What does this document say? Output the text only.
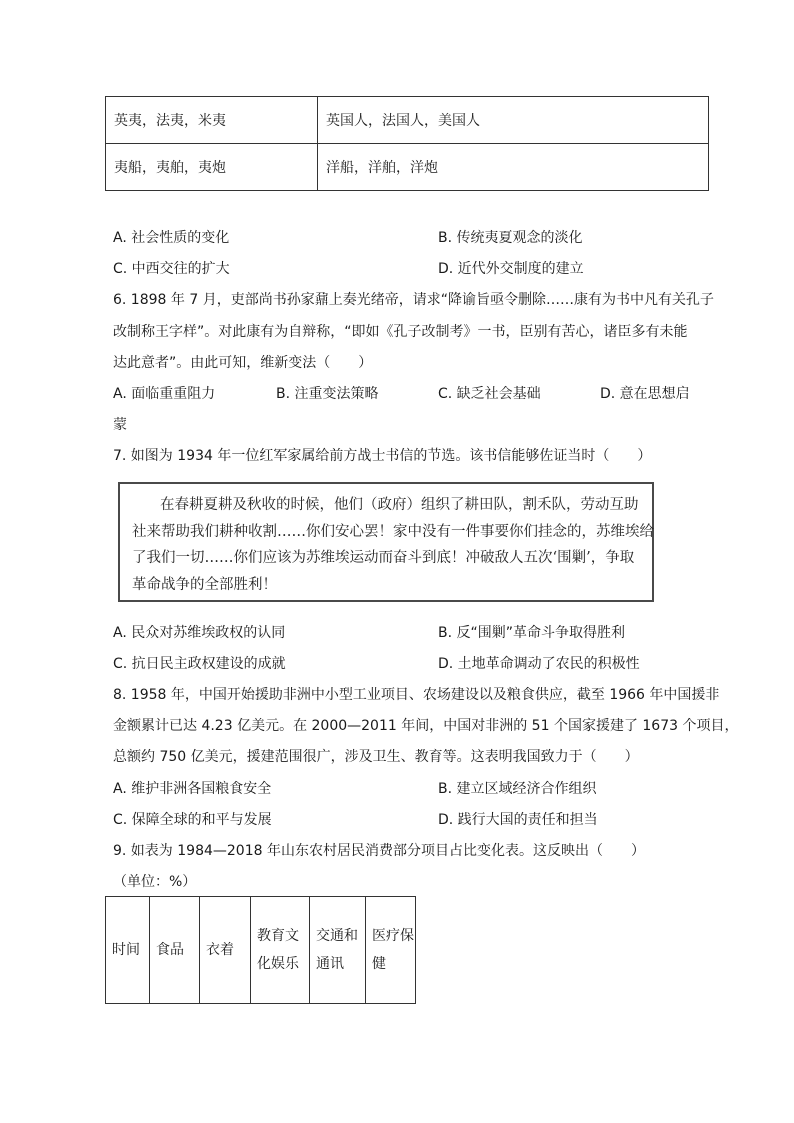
英夷，法夷，米夷	英国人，法国人，美国人
夷船，夷舶，夷炮	洋船，洋舶，洋炮
A. 社会性质的变化	B. 传统夷夏观念的淡化
C. 中西交往的扩大	D. 近代外交制度的建立
6. 1898 年 7 月，吏部尚书孙家鼐上奏光绪帝，请求“降谕旨亟令删除……康有为书中凡有关孔子
改制称王字样”。对此康有为自辩称，“即如《孔子改制考》一书，臣别有苦心，诸臣多有未能
达此意者”。由此可知，维新变法（　　）
A. 面临重重阻力	B. 注重变法策略	C. 缺乏社会基础	D. 意在思想启
蒙
7. 如图为 1934 年一位红军家属给前方战士书信的节选。该书信能够佐证当时（　　）
在春耕夏耕及秋收的时候，他们（政府）组织了耕田队，割禾队，劳动互助
社来帮助我们耕种收割……你们安心罢！家中没有一件事要你们挂念的，苏维埃给
了我们一切……你们应该为苏维埃运动而奋斗到底！冲破敌人五次‘围剿’，争取
革命战争的全部胜利！
A. 民众对苏维埃政权的认同	B. 反“围剿”革命斗争取得胜利
C. 抗日民主政权建设的成就	D. 土地革命调动了农民的积极性
8. 1958 年，中国开始援助非洲中小型工业项目、农场建设以及粮食供应，截至 1966 年中国援非
金额累计已达 4.23 亿美元。在 2000—2011 年间，中国对非洲的 51 个国家援建了 1673 个项目，
总额约 750 亿美元，援建范围很广，涉及卫生、教育等。这表明我国致力于（　　）
A. 维护非洲各国粮食安全	B. 建立区域经济合作组织
C. 保障全球的和平与发展	D. 践行大国的责任和担当
9. 如表为 1984—2018 年山东农村居民消费部分项目占比变化表。这反映出（　　）
（单位：%）
时间	食品	衣着	教育文化娱乐	交通和通讯	医疗保健
